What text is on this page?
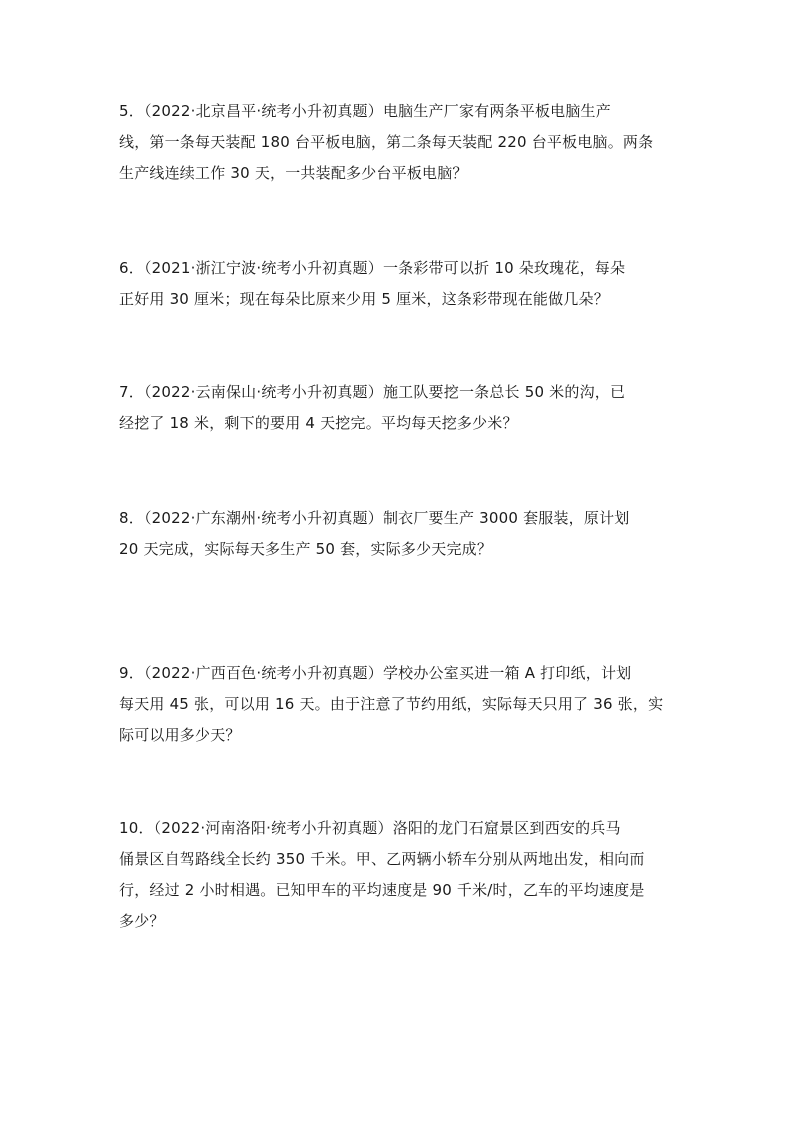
5．（2022·北京昌平·统考小升初真题）电脑生产厂家有两条平板电脑生产
线，第一条每天装配 180 台平板电脑，第二条每天装配 220 台平板电脑。两条
生产线连续工作 30 天，一共装配多少台平板电脑？
6．（2021·浙江宁波·统考小升初真题）一条彩带可以折 10 朵玫瑰花，每朵
正好用 30 厘米；现在每朵比原来少用 5 厘米，这条彩带现在能做几朵？
7．（2022·云南保山·统考小升初真题）施工队要挖一条总长 50 米的沟，已
经挖了 18 米，剩下的要用 4 天挖完。平均每天挖多少米？
8．（2022·广东潮州·统考小升初真题）制衣厂要生产 3000 套服装，原计划
20 天完成，实际每天多生产 50 套，实际多少天完成？
9．（2022·广西百色·统考小升初真题）学校办公室买进一箱 A 打印纸，计划
每天用 45 张，可以用 16 天。由于注意了节约用纸，实际每天只用了 36 张，实
际可以用多少天？
10．（2022·河南洛阳·统考小升初真题）洛阳的龙门石窟景区到西安的兵马
俑景区自驾路线全长约 350 千米。甲、乙两辆小轿车分别从两地出发，相向而
行，经过 2 小时相遇。已知甲车的平均速度是 90 千米/时，乙车的平均速度是
多少？
